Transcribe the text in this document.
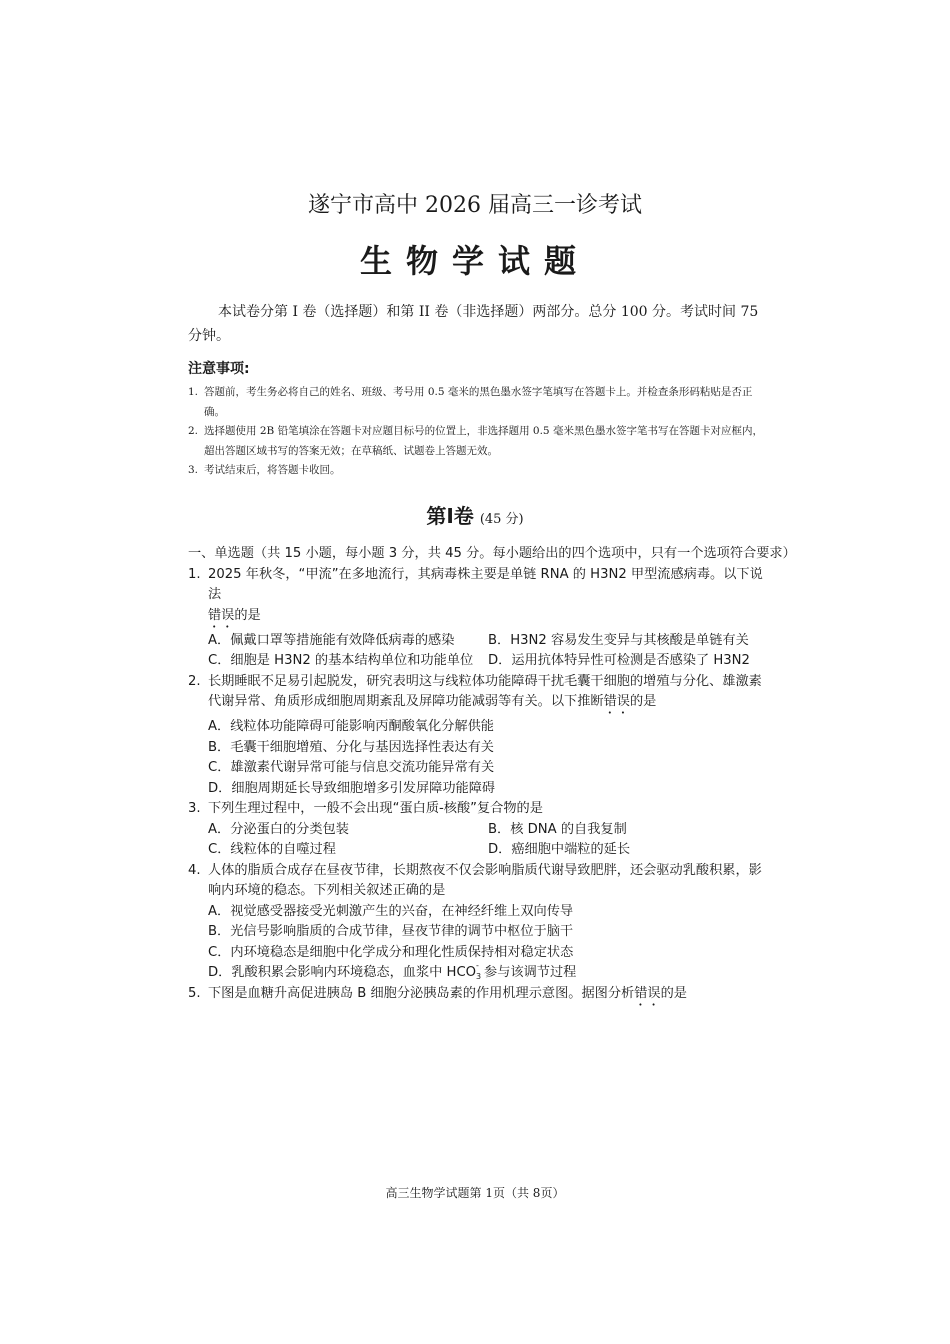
遂宁市高中 2026 届高三一诊考试
生物学试题
本试卷分第 I 卷（选择题）和第 II 卷（非选择题）两部分。总分 100 分。考试时间 75 分钟。
注意事项:
1. 答题前，考生务必将自己的姓名、班级、考号用 0.5 毫米的黑色墨水签字笔填写在答题卡上。并检查条形码粘贴是否正确。
2. 选择题使用 2B 铅笔填涂在答题卡对应题目标号的位置上，非选择题用 0.5 毫米黑色墨水签字笔书写在答题卡对应框内，超出答题区域书写的答案无效；在草稿纸、试题卷上答题无效。
3. 考试结束后，将答题卡收回。
第Ⅰ卷 (45 分)
一、单选题（共 15 小题，每小题 3 分，共 45 分。每小题给出的四个选项中，只有一个选项符合要求）
1. 2025 年秋冬，“甲流”在多地流行，其病毒株主要是单链 RNA 的 H3N2 甲型流感病毒。以下说法
错误的是
A．佩戴口罩等措施能有效降低病毒的感染	B．H3N2 容易发生变异与其核酸是单链有关
C．细胞是 H3N2 的基本结构单位和功能单位	D．运用抗体特异性可检测是否感染了 H3N2
2. 长期睡眠不足易引起脱发，研究表明这与线粒体功能障碍干扰毛囊干细胞的增殖与分化、雄激素代谢异常、角质形成细胞周期紊乱及屏障功能减弱等有关。以下推断错误的是
A．线粒体功能障碍可能影响丙酮酸氧化分解供能
B．毛囊干细胞增殖、分化与基因选择性表达有关
C．雄激素代谢异常可能与信息交流功能异常有关
D．细胞周期延长导致细胞增多引发屏障功能障碍
3. 下列生理过程中，一般不会出现“蛋白质-核酸”复合物的是
A．分泌蛋白的分类包装	B．核 DNA 的自我复制
C．线粒体的自噬过程	D．癌细胞中端粒的延长
4. 人体的脂质合成存在昼夜节律，长期熬夜不仅会影响脂质代谢导致肥胖，还会驱动乳酸积累，影响内环境的稳态。下列相关叙述正确的是
A．视觉感受器接受光刺激产生的兴奋，在神经纤维上双向传导
B．光信号影响脂质的合成节律，昼夜节律的调节中枢位于脑干
C．内环境稳态是细胞中化学成分和理化性质保持相对稳定状态
D．乳酸积累会影响内环境稳态，血浆中 HCO -
3 参与该调节过程
5. 下图是血糖升高促进胰岛 B 细胞分泌胰岛素的作用机理示意图。据图分析错误的是
高三生物学试题第 1页（共 8页）
